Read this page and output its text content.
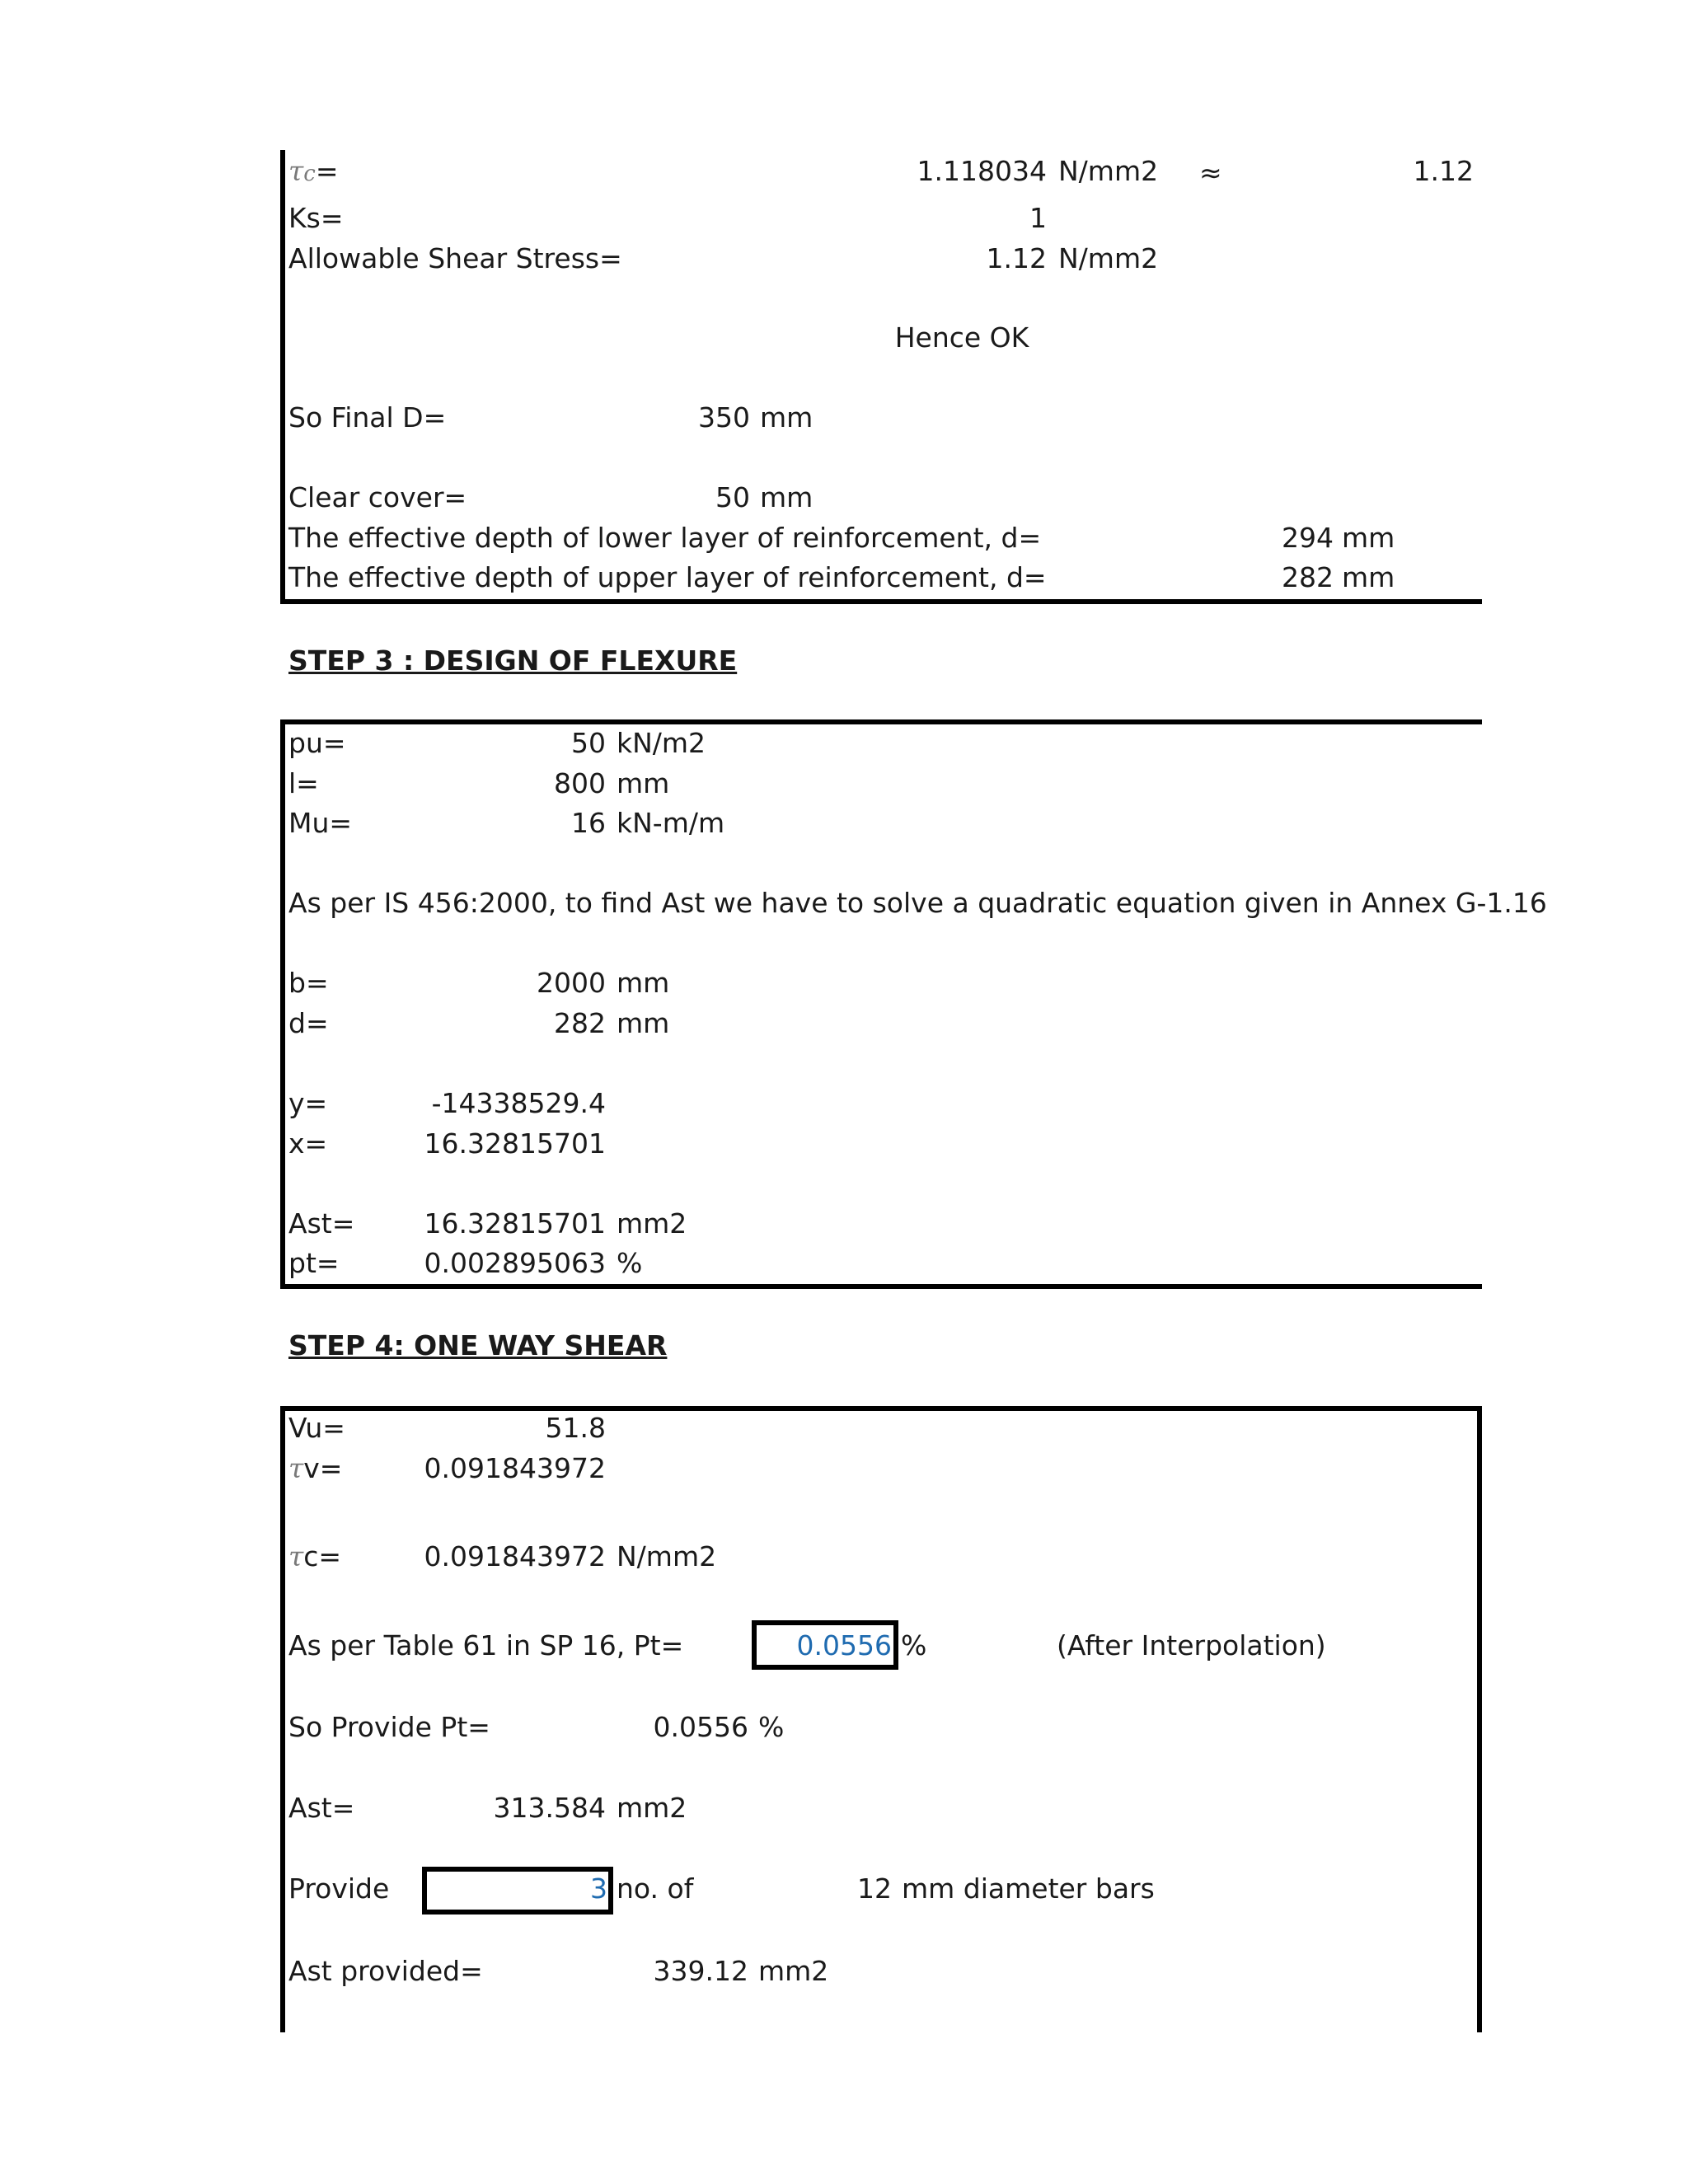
τc=	1.118034 N/mm2 ≈	1.12
Ks=	1
Allowable Shear Stress=	1.12 N/mm2
Hence OK
So Final D=	350 mm
Clear cover=	50 mm
The effective depth of lower layer of reinforcement, d=	294 mm
The effective depth of upper layer of reinforcement, d=	282 mm
STEP 3 : DESIGN OF FLEXURE
pu=	50 kN/m2
l=	800 mm
Mu=	16 kN-m/m
As per IS 456:2000, to find Ast we have to solve a quadratic equation given in Annex G-1.16
b=	2000 mm
d=	282 mm
y=	-14338529.4
x=	16.32815701
Ast=	16.32815701 mm2
pt=	0.002895063 %
STEP 4: ONE WAY SHEAR
Vu=	51.8
τv=	0.091843972
τc=	0.091843972 N/mm2
As per Table 61 in SP 16, Pt=	0.0556 %	(After Interpolation)
So Provide Pt=	0.0556 %
Ast=	313.584 mm2
Provide	3 no. of	12 mm diameter bars
Ast provided=	339.12 mm2
